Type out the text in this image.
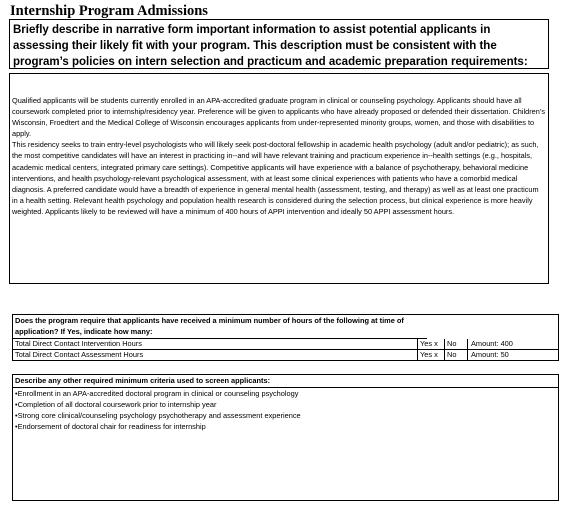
Internship Program Admissions
Briefly describe in narrative form important information to assist potential applicants in assessing their likely fit with your program. This description must be consistent with the program’s policies on intern selection and practicum and academic preparation requirements:
Qualified applicants will be students currently enrolled in an APA-accredited graduate program in clinical or counseling psychology. Applicants should have all coursework completed prior to internship/residency year. Preference will be given to applicants who have already proposed or defended their dissertation. Children’s Wisconsin, Froedtert and the Medical College of Wisconsin encourages applicants from under-represented minority groups, women, and those with disabilities to apply.
This residency seeks to train entry-level psychologists who will likely seek post-doctoral fellowship in academic health psychology (adult and/or pediatric); as such, the most competitive candidates will have an interest in practicing in--and will have relevant training and practicum experience in--health settings (e.g., hospitals, academic medical centers, integrated primary care settings). Competitive applicants will have experience with a balance of psychotherapy, behavioral medicine interventions, and health psychology-relevant psychological assessment, with at least some clinical experiences with patients who have a comorbid medical diagnosis. A preferred candidate would have a breadth of experience in general mental health (assessment, testing, and therapy) as well as at least one practicum in a health setting. Relevant health psychology and population health research is considered during the selection process, but clinical experience is more heavily weighted. Applicants likely to be reviewed will have a minimum of 400 hours of APPI intervention and ideally 50 APPI assessment hours.
Does the program require that applicants have received a minimum number of hours of the following at time of application? If Yes, indicate how many:
Total Direct Contact Intervention Hours	Yes x	No	Amount: 400
Total Direct Contact Assessment Hours	Yes x	No	Amount: 50
Describe any other required minimum criteria used to screen applicants:
•Enrollment in an APA-accredited doctoral program in clinical or counseling psychology
•Completion of all doctoral coursework prior to internship year
•Strong core clinical/counseling psychology psychotherapy and assessment experience
•Endorsement of doctoral chair for readiness for internship
